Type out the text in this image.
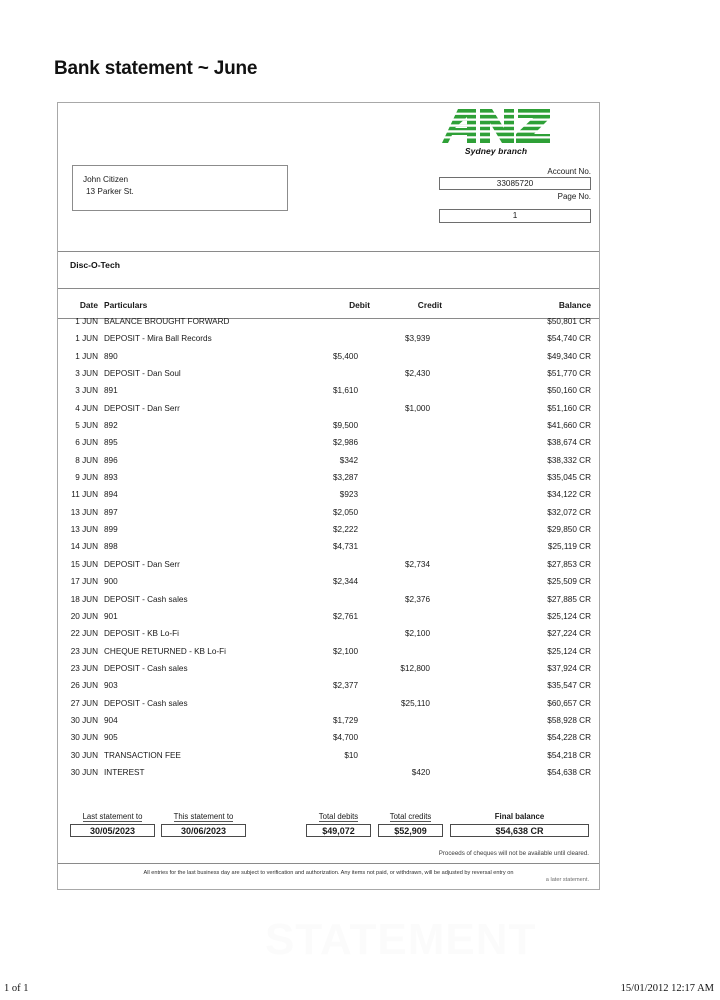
Bank statement ~ June
Sydney branch
John Citizen
13 Parker St.
Account No.
33085720
Page No.
1
Disc-O-Tech
Date	Particulars	Debit	Credit	Balance
1 JUN	BALANCE BROUGHT FORWARD			$50,801 CR
1 JUN	DEPOSIT - Mira Ball Records		$3,939	$54,740 CR
1 JUN	890	$5,400		$49,340 CR
3 JUN	DEPOSIT - Dan Soul		$2,430	$51,770 CR
3 JUN	891	$1,610		$50,160 CR
4 JUN	DEPOSIT - Dan Serr		$1,000	$51,160 CR
5 JUN	892	$9,500		$41,660 CR
6 JUN	895	$2,986		$38,674 CR
8 JUN	896	$342		$38,332 CR
9 JUN	893	$3,287		$35,045 CR
11 JUN	894	$923		$34,122 CR
13 JUN	897	$2,050		$32,072 CR
13 JUN	899	$2,222		$29,850 CR
14 JUN	898	$4,731		$25,119 CR
15 JUN	DEPOSIT - Dan Serr		$2,734	$27,853 CR
17 JUN	900	$2,344		$25,509 CR
18 JUN	DEPOSIT - Cash sales		$2,376	$27,885 CR
20 JUN	901	$2,761		$25,124 CR
22 JUN	DEPOSIT - KB Lo-Fi		$2,100	$27,224 CR
23 JUN	CHEQUE RETURNED - KB Lo-Fi	$2,100		$25,124 CR
23 JUN	DEPOSIT - Cash sales		$12,800	$37,924 CR
26 JUN	903	$2,377		$35,547 CR
27 JUN	DEPOSIT - Cash sales		$25,110	$60,657 CR
30 JUN	904	$1,729		$58,928 CR
30 JUN	905	$4,700		$54,228 CR
30 JUN	TRANSACTION FEE	$10		$54,218 CR
30 JUN	INTEREST		$420	$54,638 CR
Last statement to
30/05/2023
This statement to
30/06/2023
Total debits
$49,072
Total credits
$52,909
Final balance
$54,638 CR
Proceeds of cheques will not be available until cleared.
All entries for the last business day are subject to verification and authorization. Any items not paid, or withdrawn, will be adjusted by reversal entry on
a later statement.
STATEMENT
1 of 1	15/01/2012 12:17 AM
